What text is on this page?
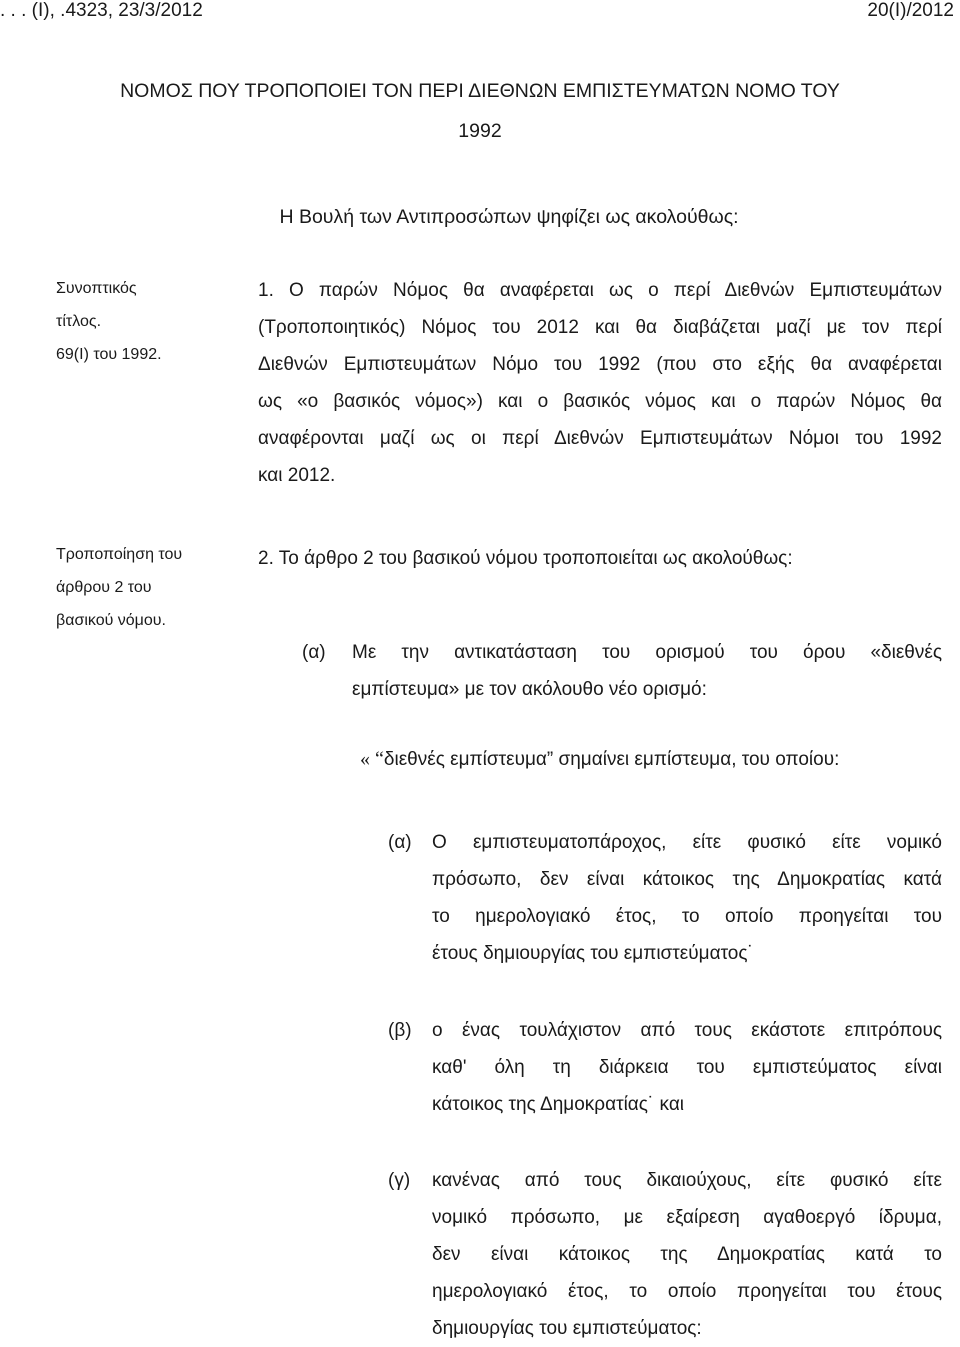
. . . (Ι), .4323, 23/3/2012	20(Ι)/2012
ΝΟΜΟΣ ΠΟΥ ΤΡΟΠΟΠΟΙΕΙ ΤΟΝ ΠΕΡΙ ΔΙΕΘΝΩΝ ΕΜΠΙΣΤΕΥΜΑΤΩΝ ΝΟΜΟ ΤΟΥ
1992
Η Βουλή των Αντιπροσώπων ψηφίζει ως ακολούθως:
Συνοπτικός
τίτλος.
69(Ι) του 1992.
1. Ο παρών Νόμος θα αναφέρεται ως ο περί Διεθνών Εμπιστευμάτων
(Τροποποιητικός) Νόμος του 2012 και θα διαβάζεται μαζί με τον περί
Διεθνών Εμπιστευμάτων Νόμο του 1992 (που στο εξής θα αναφέρεται
ως «ο βασικός νόμος») και ο βασικός νόμος και ο παρών Νόμος θα
αναφέρονται μαζί ως οι περί Διεθνών Εμπιστευμάτων Νόμοι του 1992
και 2012.
Τροποποίηση του
άρθρου 2 του
βασικού νόμου.
2. Το άρθρο 2 του βασικού νόμου τροποποιείται ως ακολούθως:
(α) Με την αντικατάσταση του ορισμού του όρου «διεθνές
εμπίστευμα» με τον ακόλουθο νέο ορισμό:
« “διεθνές εμπίστευμα” σημαίνει εμπίστευμα, του οποίου:
(α) Ο εμπιστευματοπάροχος, είτε φυσικό είτε νομικό
πρόσωπο, δεν είναι κάτοικος της Δημοκρατίας κατά
το ημερολογιακό έτος, το οποίο προηγείται του
έτους δημιουργίας του εμπιστεύματος˙
(β) ο ένας τουλάχιστον από τους εκάστοτε επιτρόπους
καθ' όλη τη διάρκεια του εμπιστεύματος είναι
κάτοικος της Δημοκρατίας˙ και
(γ) κανένας από τους δικαιούχους, είτε φυσικό είτε
νομικό πρόσωπο, με εξαίρεση αγαθοεργό ίδρυμα,
δεν είναι κάτοικος της Δημοκρατίας κατά το
ημερολογιακό έτος, το οποίο προηγείται του έτους
δημιουργίας του εμπιστεύματος:
